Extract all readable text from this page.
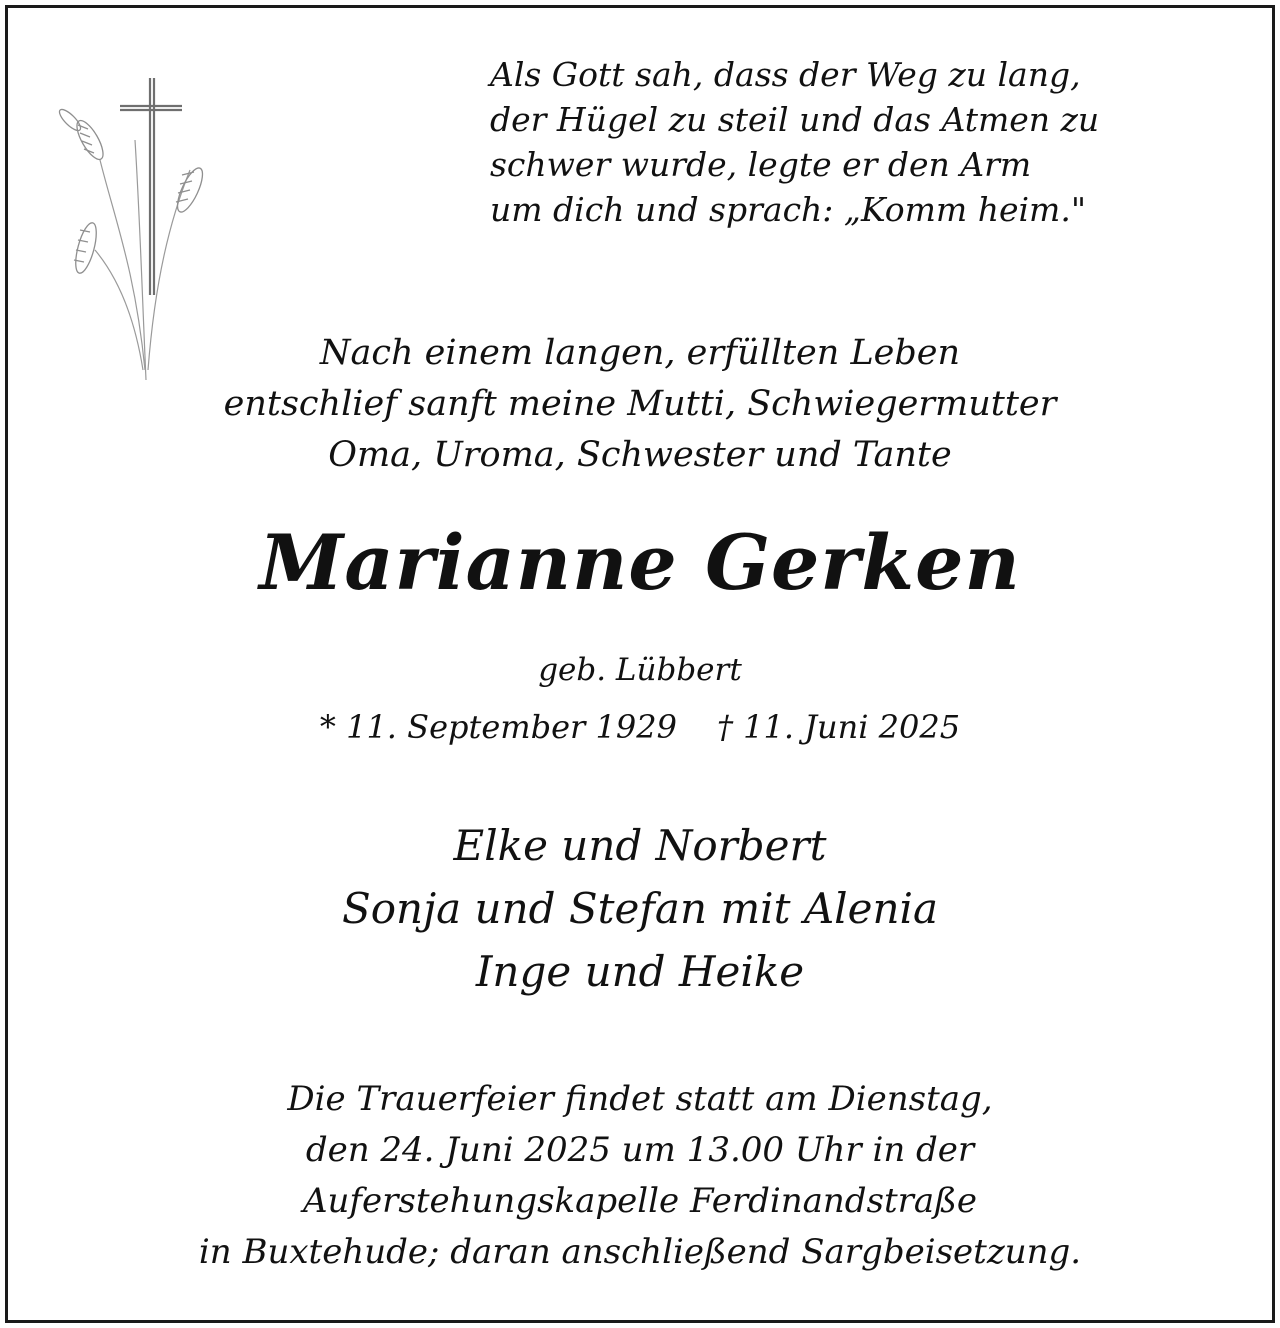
Als Gott sah, dass der Weg zu lang,
der Hügel zu steil und das Atmen zu
schwer wurde, legte er den Arm
um dich und sprach: „Komm heim."
Nach einem langen, erfüllten Leben
entschlief sanft meine Mutti, Schwiegermutter
Oma, Uroma, Schwester und Tante
Marianne Gerken
geb. Lübbert
* 11. September 1929 † 11. Juni 2025
Elke und Norbert
Sonja und Stefan mit Alenia
Inge und Heike
Die Trauerfeier findet statt am Dienstag,
den 24. Juni 2025 um 13.00 Uhr in der
Auferstehungskapelle Ferdinandstraße
in Buxtehude; daran anschließend Sargbeisetzung.
